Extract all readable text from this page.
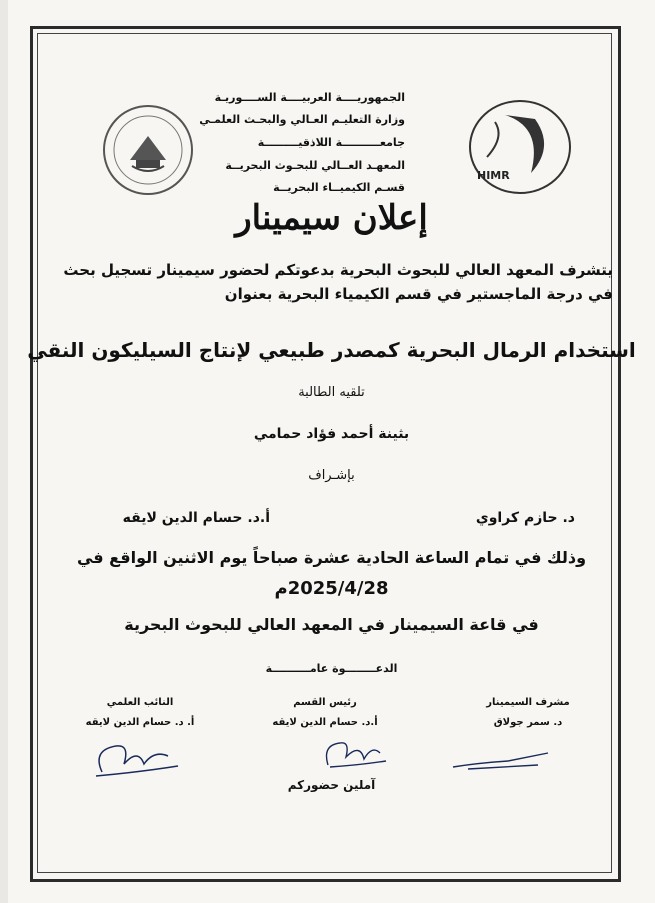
HIMR
الجمهوريــــة العربيــــة الســــوريـة
وزارة التعليـم العـالي والبحـث العلمـي
جامعــــــــــة اللاذقيـــــــــة
المعهـد العــالي للبحـوث البحريــة
قسـم الكيميــاء البحريــة
إعلان سيمينار
يتشرف المعهد العالي للبحوث البحرية بدعوتكم لحضور سيمينار تسجيل بحث في درجة الماجستير في قسم الكيمياء البحرية بعنوان
استخدام الرمال البحرية كمصدر طبيعي لإنتاج السيليكون النقي
تلقيه الطالبة
بثينة أحمد فؤاد حمامي
بإشـراف
د. حازم كراوي
أ.د. حسام الدين لايقه
وذلك في تمام الساعة الحادية عشرة صباحاً يوم الاثنين الواقع في
2025/4/28م
في قاعة السيمينار في المعهد العالي للبحوث البحرية
الدعــــــــوة عامــــــــــة
مشرف السيمينار
د. سمر جولاق
رئيس القسم
أ.د. حسام الدين لايقه
النائب العلمي
أ. د. حسام الدين لايقه
آملين حضوركم
